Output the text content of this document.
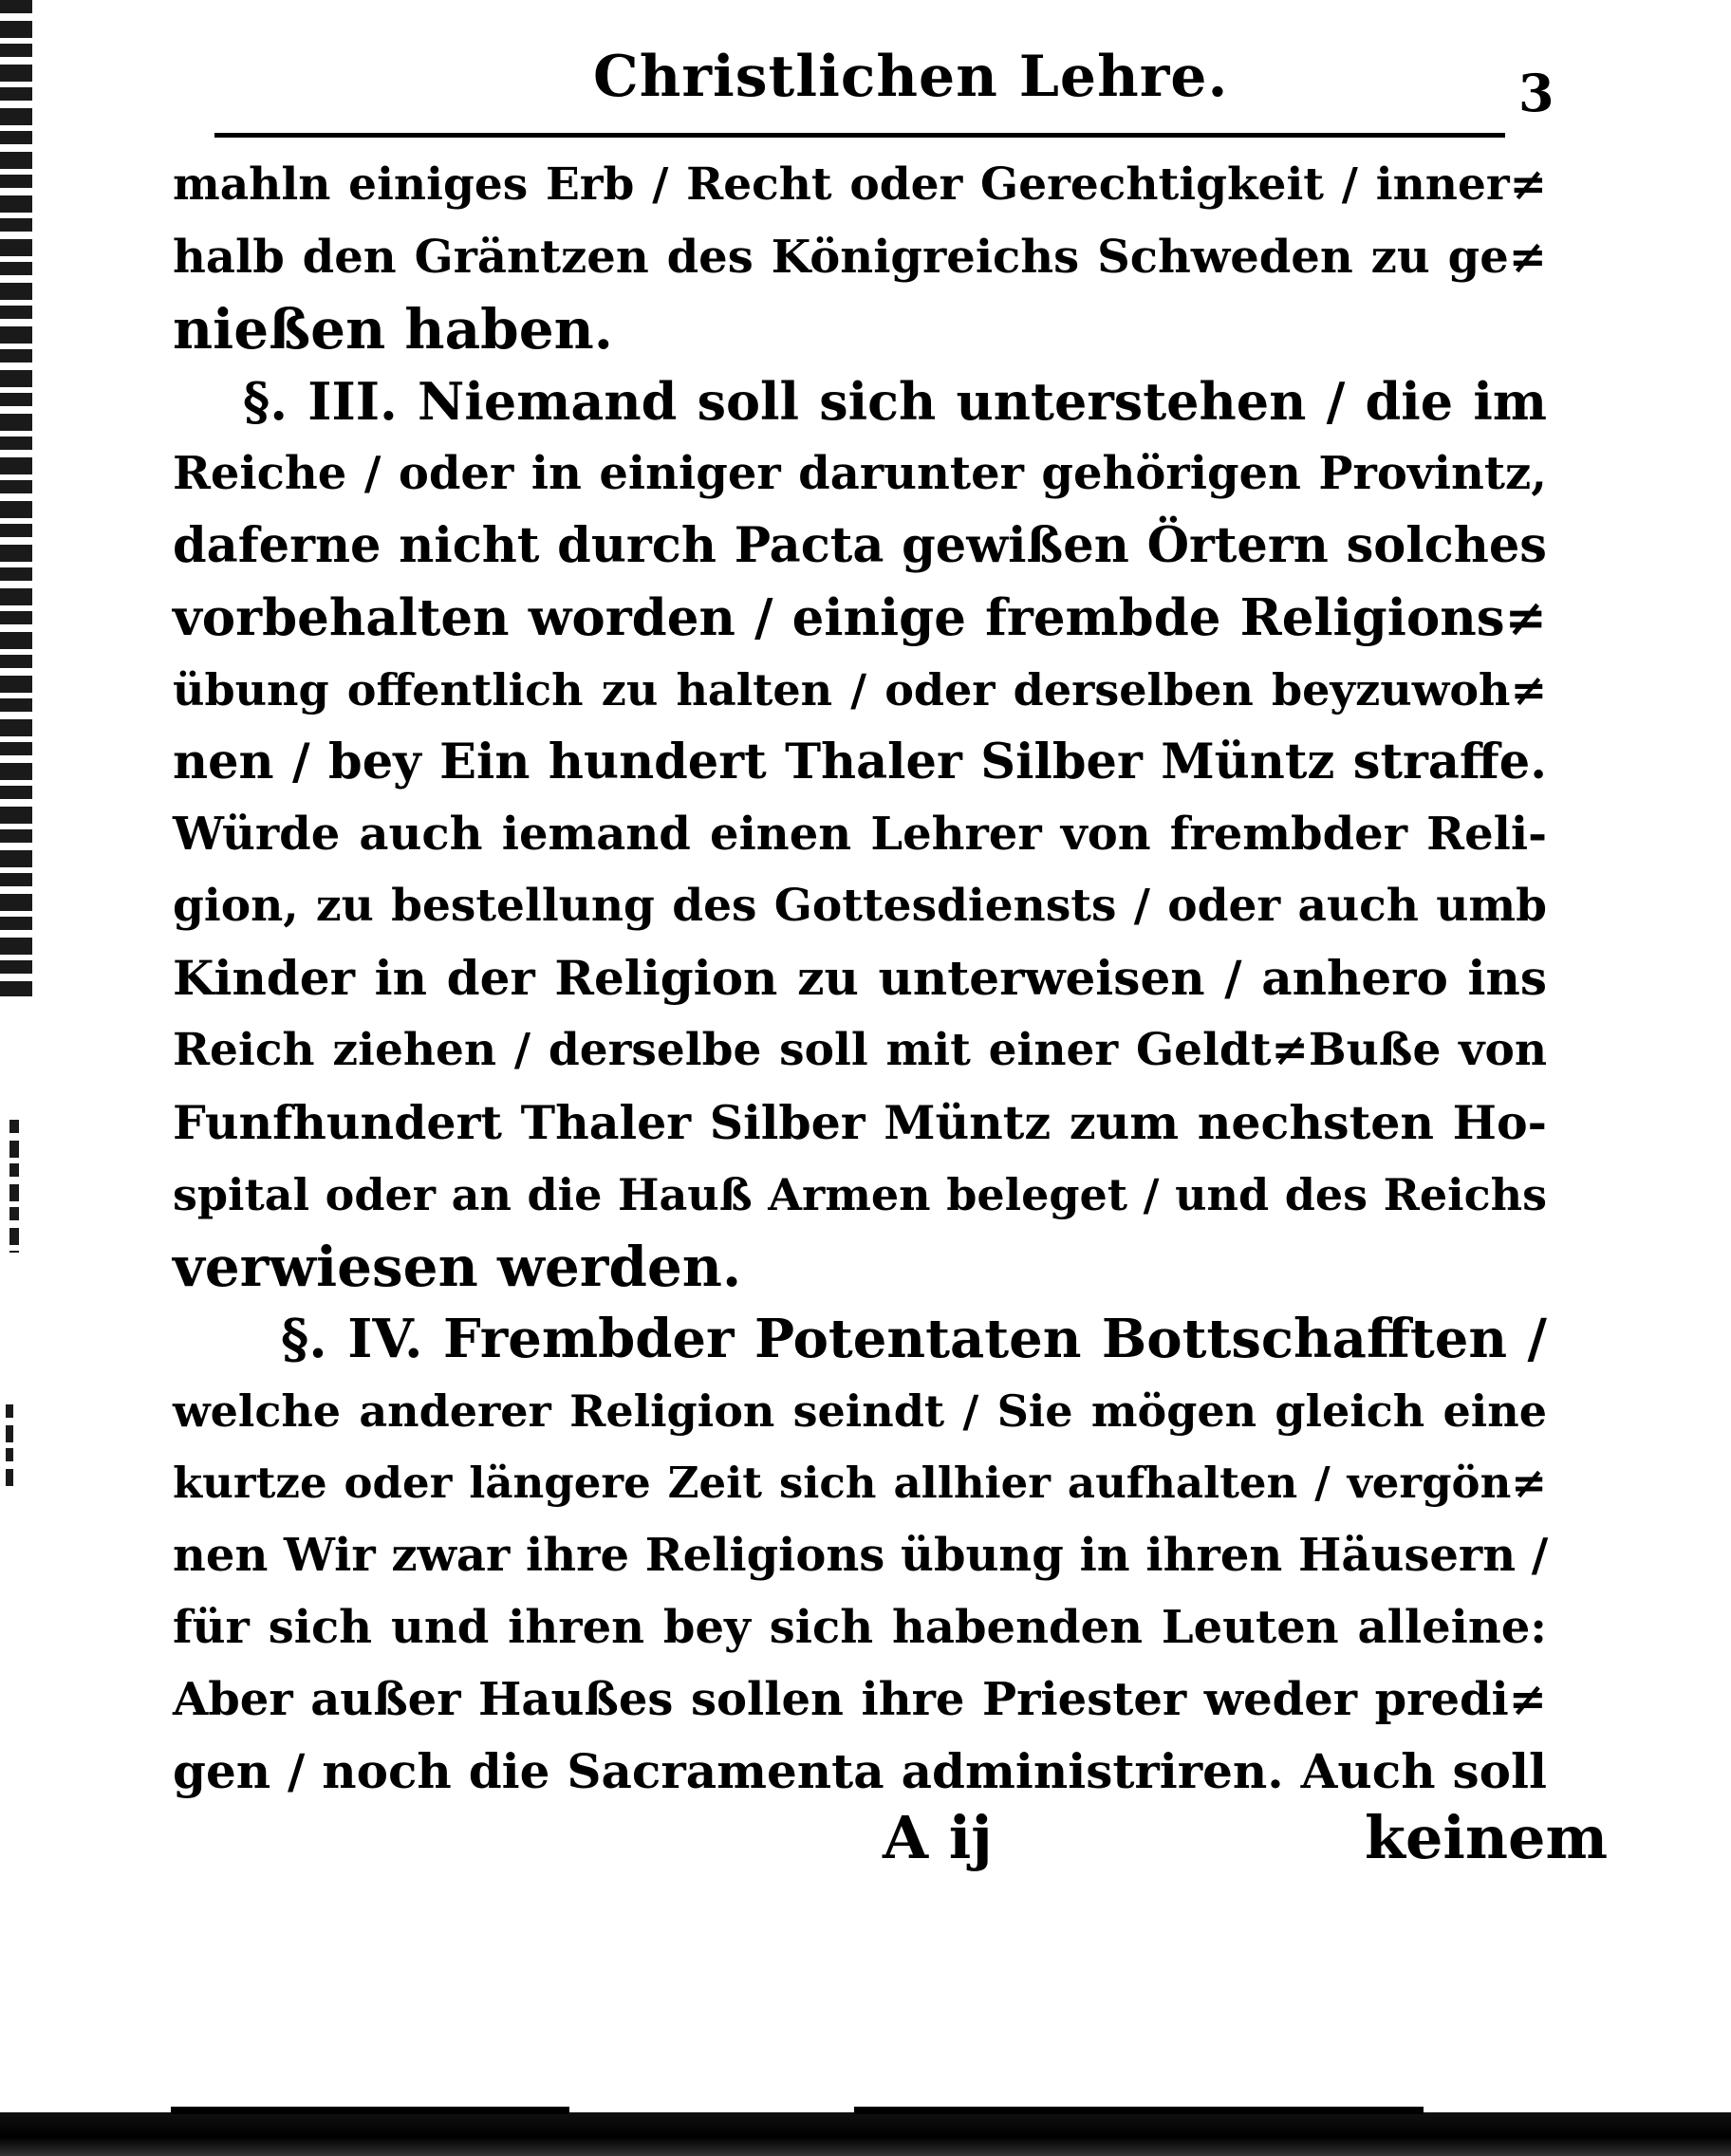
Christlichen Lehre.	3
mahln einiges Erb / Recht oder Gerechtigkeit / inner≠
halb den Gräntzen des Königreichs Schweden zu ge≠
nießen haben.
§. III. Niemand soll sich unterstehen / die im
Reiche / oder in einiger darunter gehörigen Provintz,
daferne nicht durch Pacta gewißen Örtern solches
vorbehalten worden / einige frembde Religions≠
übung offentlich zu halten / oder derselben beyzuwoh≠
nen / bey Ein hundert Thaler Silber Müntz straffe.
Würde auch iemand einen Lehrer von frembder Reli-
gion, zu bestellung des Gottesdiensts / oder auch umb
Kinder in der Religion zu unterweisen / anhero ins
Reich ziehen / derselbe soll mit einer Geldt≠Buße von
Funfhundert Thaler Silber Müntz zum nechsten Ho-
spital oder an die Hauß Armen beleget / und des Reichs
verwiesen werden.
§. IV. Frembder Potentaten Bottschafften /
welche anderer Religion seindt / Sie mögen gleich eine
kurtze oder längere Zeit sich allhier aufhalten / vergön≠
nen Wir zwar ihre Religions übung in ihren Häusern /
für sich und ihren bey sich habenden Leuten alleine:
Aber außer Haußes sollen ihre Priester weder predi≠
gen / noch die Sacramenta administriren. Auch soll
A ij	keinem
